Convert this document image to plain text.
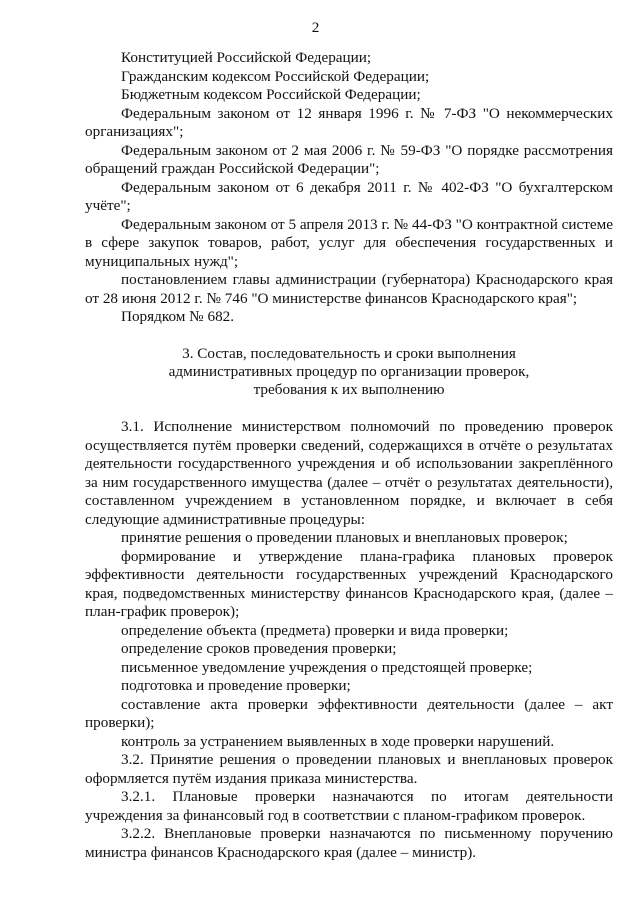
2

Конституцией Российской Федерации;

Гражданским кодексом Российской Федерации;

Бюджетным кодексом Российской Федерации;

Федеральным законом от 12 января 1996 г. № 7-ФЗ "О некоммерческих организациях";

Федеральным законом от 2 мая 2006 г. № 59-ФЗ "О порядке рассмотрения обращений граждан Российской Федерации";

Федеральным законом от 6 декабря 2011 г. № 402-ФЗ "О бухгалтерском учёте";

Федеральным законом от 5 апреля 2013 г. № 44-ФЗ "О контрактной системе в сфере закупок товаров, работ, услуг для обеспечения государственных и муниципальных нужд";

постановлением главы администрации (губернатора) Краснодарского края от 28 июня 2012 г. № 746 "О министерстве финансов Краснодарского края";

Порядком № 682.

3. Состав, последовательность и сроки выполнения
административных процедур по организации проверок,
требования к их выполнению

3.1. Исполнение министерством полномочий по проведению проверок осуществляется путём проверки сведений, содержащихся в отчёте о результатах деятельности государственного учреждения и об использовании закреплённого за ним государственного имущества (далее – отчёт о результатах деятельности), составленном учреждением в установленном порядке, и включает в себя следующие административные процедуры:

принятие решения о проведении плановых и внеплановых проверок;

формирование и утверждение плана-графика плановых проверок эффективности деятельности государственных учреждений Краснодарского края, подведомственных министерству финансов Краснодарского края, (далее – план-график проверок);

определение объекта (предмета) проверки и вида проверки;

определение сроков проведения проверки;

письменное уведомление учреждения о предстоящей проверке;

подготовка и проведение проверки;

составление акта проверки эффективности деятельности (далее – акт проверки);

контроль за устранением выявленных в ходе проверки нарушений.

3.2. Принятие решения о проведении плановых и внеплановых проверок оформляется путём издания приказа министерства.

3.2.1. Плановые проверки назначаются по итогам деятельности учреждения за финансовый год в соответствии с планом-графиком проверок.

3.2.2. Внеплановые проверки назначаются по письменному поручению министра финансов Краснодарского края (далее – министр).
